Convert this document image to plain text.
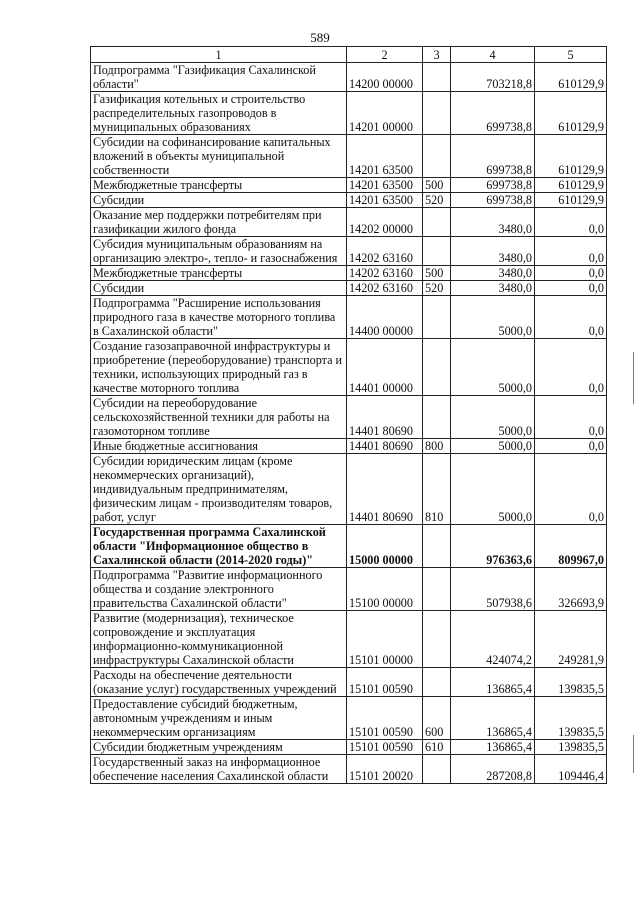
589
1	2	3	4	5
Подпрограмма "Газификация Сахалинской области"	14200 00000		703218,8	610129,9
Газификация котельных и строительство распределительных газопроводов в муниципальных образованиях	14201 00000		699738,8	610129,9
Субсидии на софинансирование капитальных вложений в объекты муниципальной собственности	14201 63500		699738,8	610129,9
Межбюджетные трансферты	14201 63500	500	699738,8	610129,9
Субсидии	14201 63500	520	699738,8	610129,9
Оказание мер поддержки потребителям при газификации жилого фонда	14202 00000		3480,0	0,0
Субсидия муниципальным образованиям на организацию электро-, тепло- и газоснабжения	14202 63160		3480,0	0,0
Межбюджетные трансферты	14202 63160	500	3480,0	0,0
Субсидии	14202 63160	520	3480,0	0,0
Подпрограмма "Расширение использования природного газа в качестве моторного топлива в Сахалинской области"	14400 00000		5000,0	0,0
Создание газозаправочной инфраструктуры и приобретение (переоборудование) транспорта и техники, использующих природный газ в качестве моторного топлива	14401 00000		5000,0	0,0
Субсидии на переоборудование сельскохозяйственной техники для работы на газомоторном топливе	14401 80690		5000,0	0,0
Иные бюджетные ассигнования	14401 80690	800	5000,0	0,0
Субсидии юридическим лицам (кроме некоммерческих организаций), индивидуальным предпринимателям, физическим лицам - производителям товаров, работ, услуг	14401 80690	810	5000,0	0,0
Государственная программа Сахалинской области "Информационное общество в Сахалинской области (2014-2020 годы)"	15000 00000		976363,6	809967,0
Подпрограмма "Развитие информационного общества и создание электронного правительства Сахалинской области"	15100 00000		507938,6	326693,9
Развитие (модернизация), техническое сопровождение и эксплуатация информационно-коммуникационной инфраструктуры Сахалинской области	15101 00000		424074,2	249281,9
Расходы на обеспечение деятельности (оказание услуг) государственных учреждений	15101 00590		136865,4	139835,5
Предоставление субсидий бюджетным, автономным учреждениям и иным некоммерческим организациям	15101 00590	600	136865,4	139835,5
Субсидии бюджетным учреждениям	15101 00590	610	136865,4	139835,5
Государственный заказ на информационное обеспечение населения Сахалинской области	15101 20020		287208,8	109446,4
